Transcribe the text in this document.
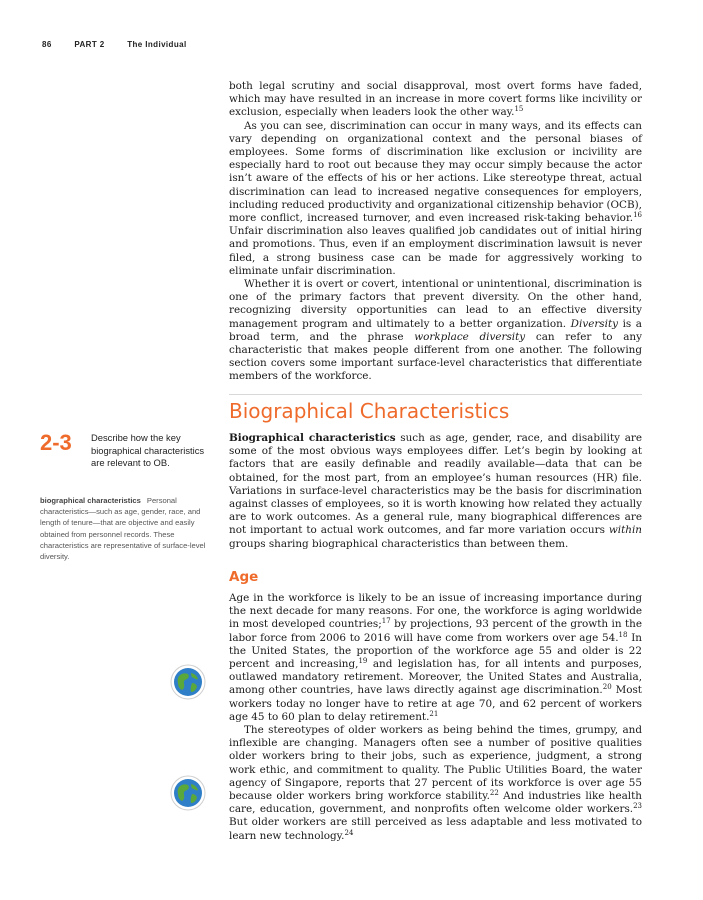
86	PART 2	The Individual

both legal scrutiny and social disapproval, most overt forms have faded, which may have resulted in an increase in more covert forms like incivility or exclusion, especially when leaders look the other way.$^{15}$

As you can see, discrimination can occur in many ways, and its effects can vary depending on organizational context and the personal biases of employees. Some forms of discrimination like exclusion or incivility are especially hard to root out because they may occur simply because the actor isn’t aware of the effects of his or her actions. Like stereotype threat, actual discrimination can lead to increased negative consequences for employers, including reduced productivity and organizational citizenship behavior (OCB), more conflict, increased turnover, and even increased risk-taking behavior.$^{16}$ Unfair discrimination also leaves qualified job candidates out of initial hiring and promotions. Thus, even if an employment discrimination lawsuit is never filed, a strong business case can be made for aggressively working to eliminate unfair discrimination.

Whether it is overt or covert, intentional or unintentional, discrimination is one of the primary factors that prevent diversity. On the other hand, recognizing diversity opportunities can lead to an effective diversity management program and ultimately to a better organization. Diversity is a broad term, and the phrase workplace diversity can refer to any characteristic that makes people different from one another. The following section covers some important surface-level characteristics that differentiate members of the workforce.

Biographical Characteristics
2-3 Describe how the key biographical characteristics are relevant to OB.
biographical characteristics Personal characteristics—such as age, gender, race, and length of tenure—that are objective and easily obtained from personnel records. These characteristics are representative of surface-level diversity.

Biographical characteristics such as age, gender, race, and disability are some of the most obvious ways employees differ. Let’s begin by looking at factors that are easily definable and readily available—data that can be obtained, for the most part, from an employee’s human resources (HR) file. Variations in surface-level characteristics may be the basis for discrimination against classes of employees, so it is worth knowing how related they actually are to work outcomes. As a general rule, many biographical differences are not important to actual work outcomes, and far more variation occurs within groups sharing biographical characteristics than between them.

Age

Age in the workforce is likely to be an issue of increasing importance during the next decade for many reasons. For one, the workforce is aging worldwide in most developed countries;$^{17}$ by projections, 93 percent of the growth in the labor force from 2006 to 2016 will have come from workers over age 54.18 In the United States, the proportion of the workforce age 55 and older is 22 percent and increasing,$^{19}$ and legislation has, for all intents and purposes, outlawed mandatory retirement. Moreover, the United States and Australia, among other countries, have laws directly against age discrimination.$^{20}$ Most workers today no longer have to retire at age 70, and 62 percent of workers age 45 to 60 plan to delay retirement.$^{21}$

The stereotypes of older workers as being behind the times, grumpy, and inflexible are changing. Managers often see a number of positive qualities older workers bring to their jobs, such as experience, judgment, a strong work ethic, and commitment to quality. The Public Utilities Board, the water agency of Singapore, reports that 27 percent of its workforce is over age 55 because older workers bring workforce stability.$^{22}$ And industries like health care, education, government, and nonprofits often welcome older workers.$^{23}$ But older workers are still perceived as less adaptable and less motivated to learn new technology.$^{24}$
